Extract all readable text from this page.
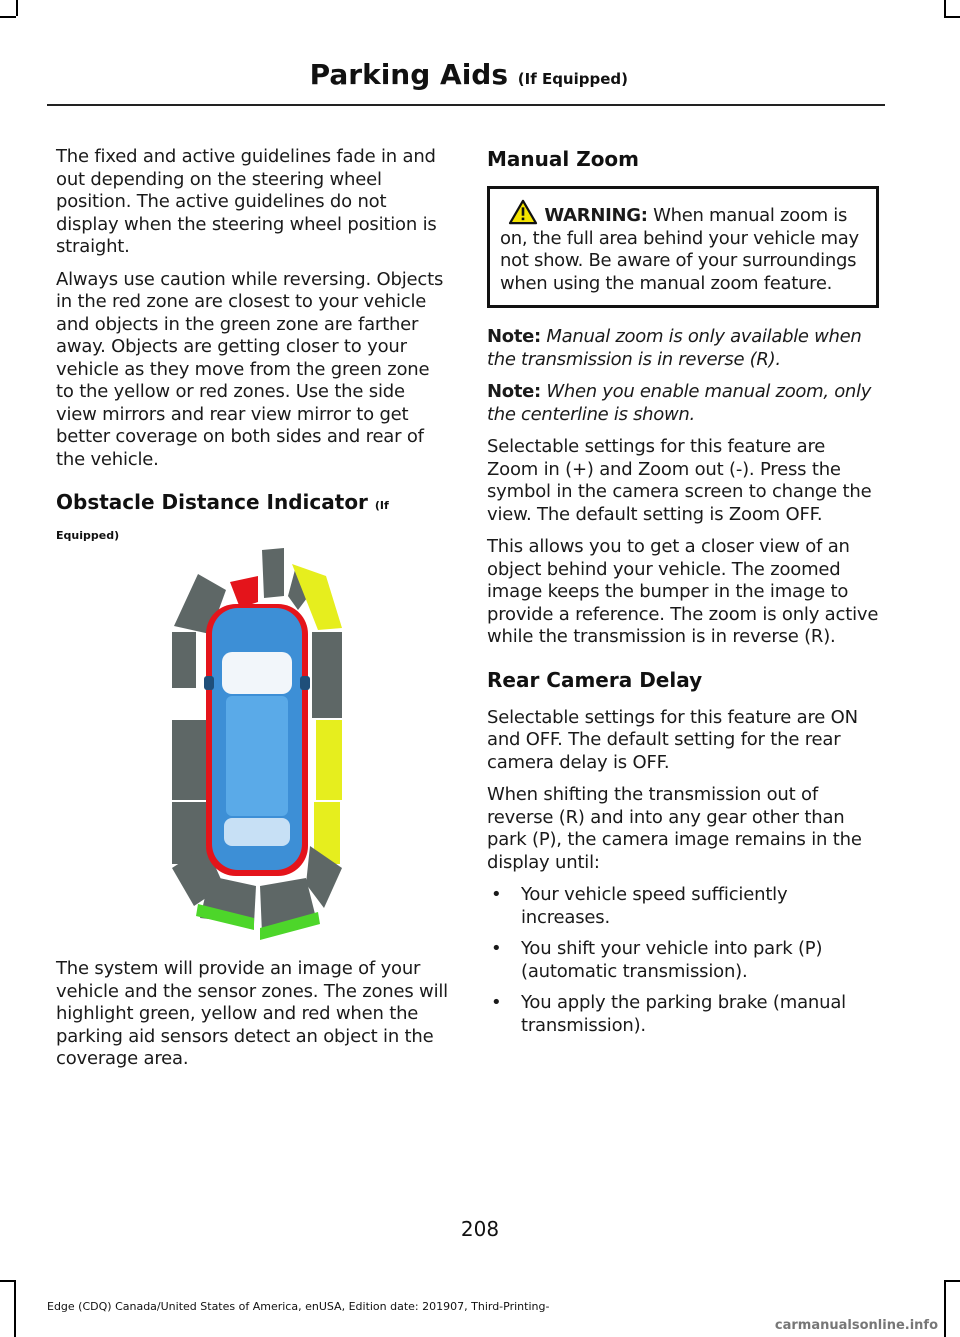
Parking Aids (If Equipped)

The fixed and active guidelines fade in and out depending on the steering wheel position. The active guidelines do not display when the steering wheel position is straight.

Always use caution while reversing. Objects in the red zone are closest to your vehicle and objects in the green zone are farther away. Objects are getting closer to your vehicle as they move from the green zone to the yellow or red zones. Use the side view mirrors and rear view mirror to get better coverage on both sides and rear of the vehicle.

Obstacle Distance Indicator (If Equipped)

The system will provide an image of your vehicle and the sensor zones. The zones will highlight green, yellow and red when the parking aid sensors detect an object in the coverage area.

Manual Zoom
WARNING: When manual zoom is on, the full area behind your vehicle may not show. Be aware of your surroundings when using the manual zoom feature.

Note: Manual zoom is only available when the transmission is in reverse (R).

Note: When you enable manual zoom, only the centerline is shown.

Selectable settings for this feature are Zoom in (+) and Zoom out (-). Press the symbol in the camera screen to change the view. The default setting is Zoom OFF.

This allows you to get a closer view of an object behind your vehicle. The zoomed image keeps the bumper in the image to provide a reference. The zoom is only active while the transmission is in reverse (R).

Rear Camera Delay

Selectable settings for this feature are ON and OFF. The default setting for the rear camera delay is OFF.

When shifting the transmission out of reverse (R) and into any gear other than park (P), the camera image remains in the display until:

• Your vehicle speed sufficiently increases.
• You shift your vehicle into park (P) (automatic transmission).
• You apply the parking brake (manual transmission).
208
Edge (CDQ) Canada/United States of America, enUSA, Edition date: 201907, Third-Printing-
carmanualsonline.info
